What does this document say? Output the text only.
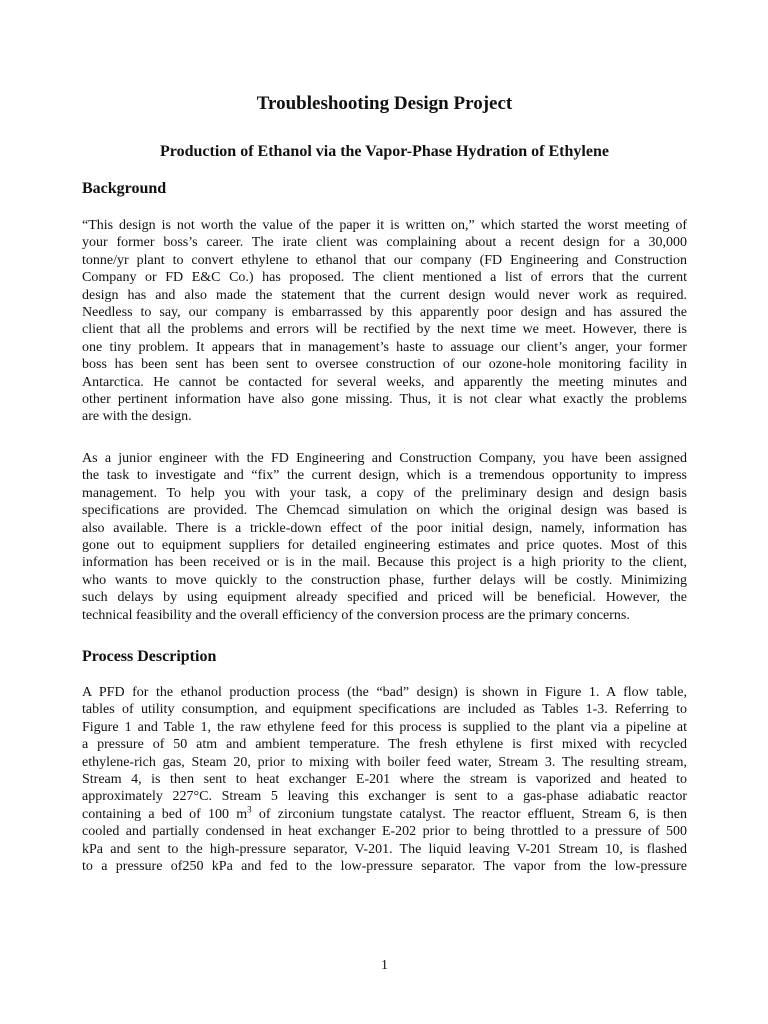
Troubleshooting Design Project
Production of Ethanol via the Vapor-Phase Hydration of Ethylene
Background
“This design is not worth the value of the paper it is written on,” which started the worst meeting of
your former boss’s career. The irate client was complaining about a recent design for a 30,000
tonne/yr plant to convert ethylene to ethanol that our company (FD Engineering and Construction
Company or FD E&C Co.) has proposed. The client mentioned a list of errors that the current
design has and also made the statement that the current design would never work as required.
Needless to say, our company is embarrassed by this apparently poor design and has assured the
client that all the problems and errors will be rectified by the next time we meet. However, there is
one tiny problem. It appears that in management’s haste to assuage our client’s anger, your former
boss has been sent has been sent to oversee construction of our ozone-hole monitoring facility in
Antarctica. He cannot be contacted for several weeks, and apparently the meeting minutes and
other pertinent information have also gone missing. Thus, it is not clear what exactly the problems
are with the design.
As a junior engineer with the FD Engineering and Construction Company, you have been assigned
the task to investigate and “fix” the current design, which is a tremendous opportunity to impress
management. To help you with your task, a copy of the preliminary design and design basis
specifications are provided. The Chemcad simulation on which the original design was based is
also available. There is a trickle-down effect of the poor initial design, namely, information has
gone out to equipment suppliers for detailed engineering estimates and price quotes. Most of this
information has been received or is in the mail. Because this project is a high priority to the client,
who wants to move quickly to the construction phase, further delays will be costly. Minimizing
such delays by using equipment already specified and priced will be beneficial. However, the
technical feasibility and the overall efficiency of the conversion process are the primary concerns.
Process Description
A PFD for the ethanol production process (the “bad” design) is shown in Figure 1. A flow table,
tables of utility consumption, and equipment specifications are included as Tables 1-3. Referring to
Figure 1 and Table 1, the raw ethylene feed for this process is supplied to the plant via a pipeline at
a pressure of 50 atm and ambient temperature. The fresh ethylene is first mixed with recycled
ethylene-rich gas, Steam 20, prior to mixing with boiler feed water, Stream 3. The resulting stream,
Stream 4, is then sent to heat exchanger E-201 where the stream is vaporized and heated to
approximately 227°C. Stream 5 leaving this exchanger is sent to a gas-phase adiabatic reactor
containing a bed of 100 $m^3$ of zirconium tungstate catalyst. The reactor effluent, Stream 6, is then
cooled and partially condensed in heat exchanger E-202 prior to being throttled to a pressure of 500
kPa and sent to the high-pressure separator, V-201. The liquid leaving V-201 Stream 10, is flashed
to a pressure of250 kPa and fed to the low-pressure separator. The vapor from the low-pressure
1
